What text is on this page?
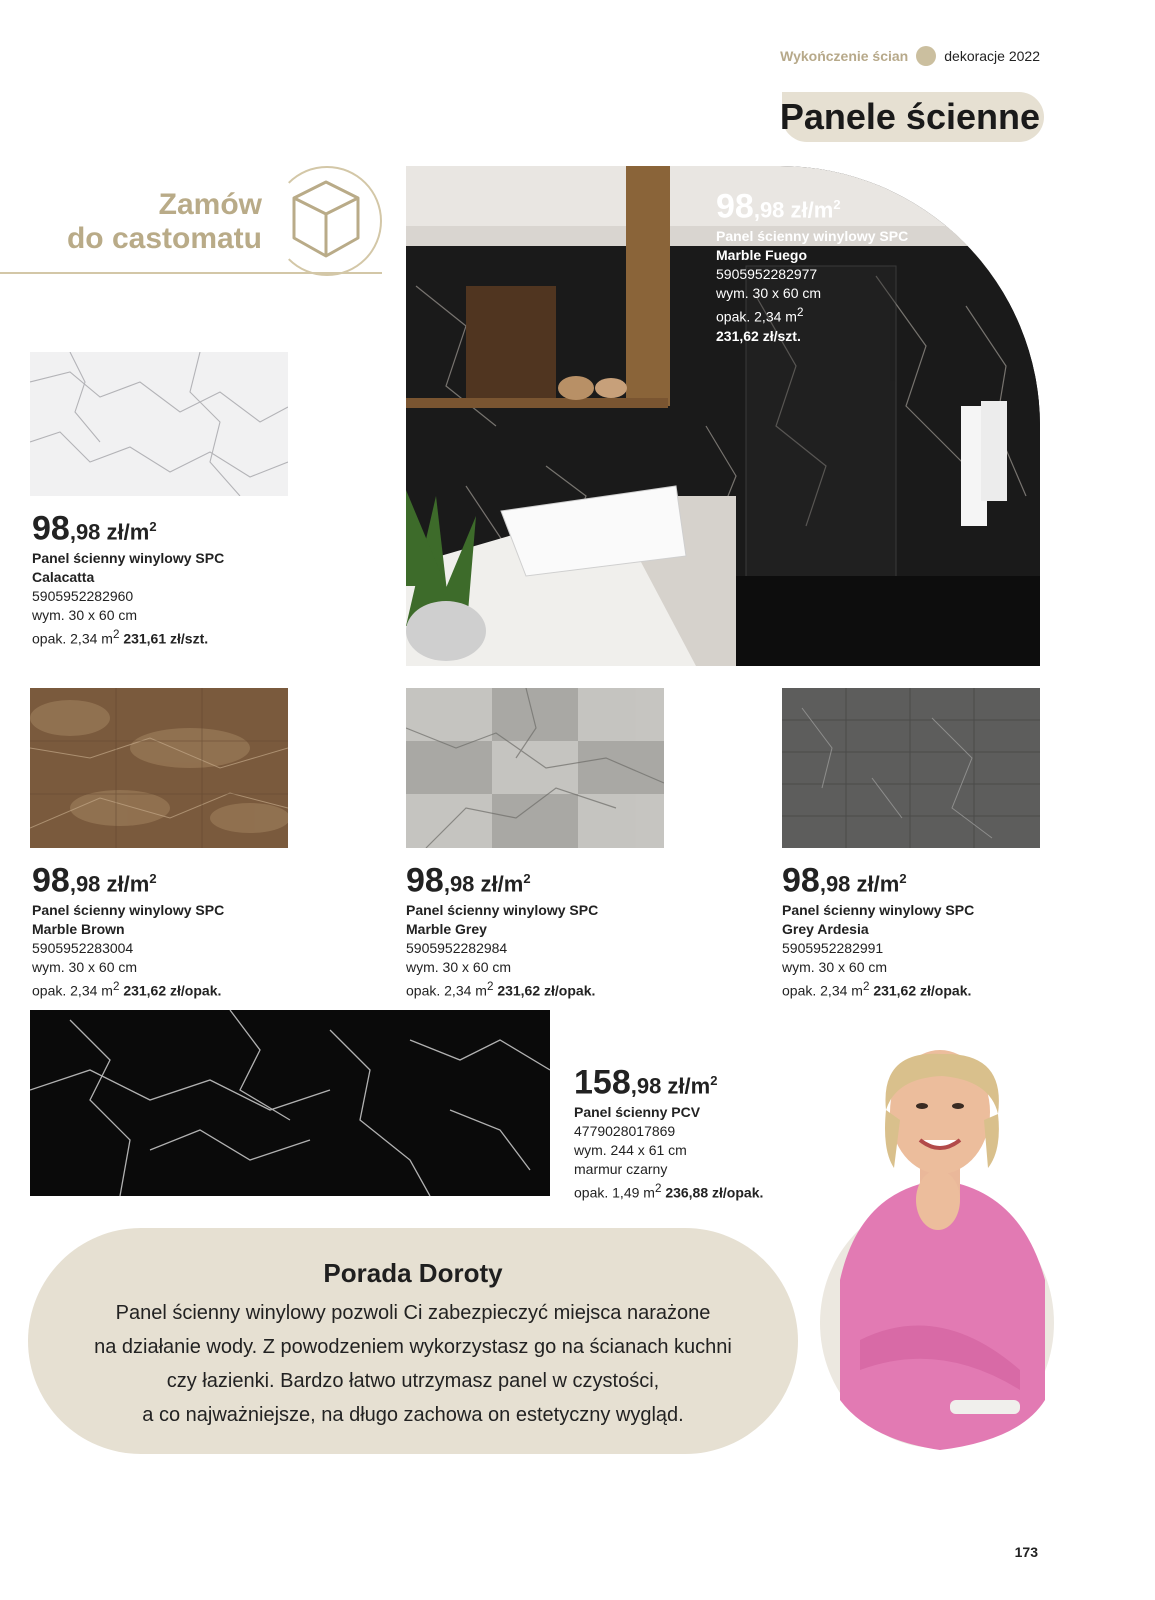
Wykończenie ścian	dekoracje 2022
Panele ścienne
Zamów
do castomatu
98,98 $zł/m^2$
Panel ścienny winylowy SPC
Marble Fuego
5905952282977
wym. 30 x 60 cm
opak. 2,34 $m^2$
231,62 zł/szt.
98,98 $zł/m^2$
Panel ścienny winylowy SPC
Calacatta
5905952282960
wym. 30 x 60 cm
opak. 2,34 $m^2$ 231,61 zł/szt.
98,98 $zł/m^2$
Panel ścienny winylowy SPC
Marble Brown
5905952283004
wym. 30 x 60 cm
opak. 2,34 $m^2$ 231,62 zł/opak.
98,98 $zł/m^2$
Panel ścienny winylowy SPC
Marble Grey
5905952282984
wym. 30 x 60 cm
opak. 2,34 $m^2$ 231,62 zł/opak.
98,98 $zł/m^2$
Panel ścienny winylowy SPC
Grey Ardesia
5905952282991
wym. 30 x 60 cm
opak. 2,34 $m^2$ 231,62 zł/opak.
158,98 $zł/m^2$
Panel ścienny PCV
4779028017869
wym. 244 x 61 cm
marmur czarny
opak. 1,49 $m^2$ 236,88 zł/opak.
Porada Doroty
Panel ścienny winylowy pozwoli Ci zabezpieczyć miejsca narażone
na działanie wody. Z powodzeniem wykorzystasz go na ścianach kuchni
czy łazienki. Bardzo łatwo utrzymasz panel w czystości,
a co najważniejsze, na długo zachowa on estetyczny wygląd.
173
